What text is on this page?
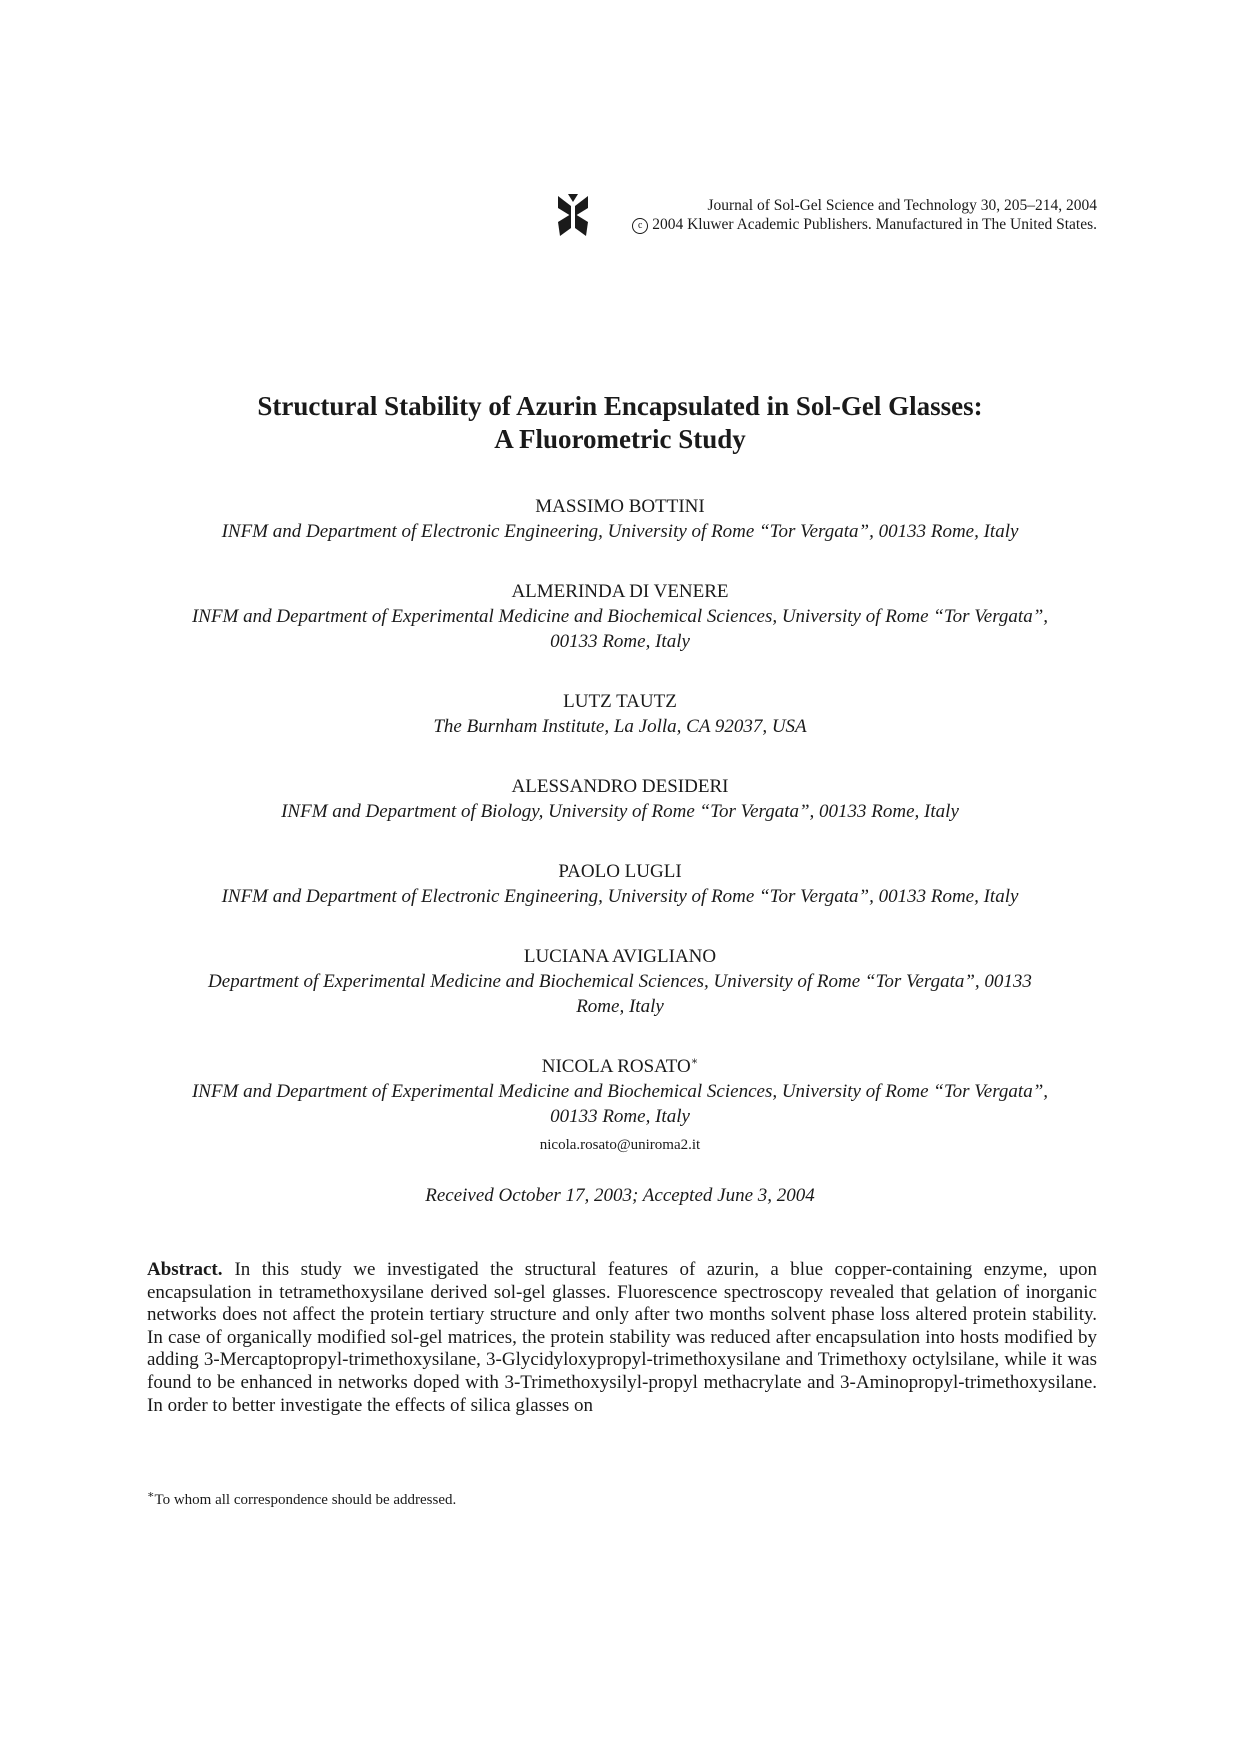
Journal of Sol-Gel Science and Technology 30, 205–214, 2004
c 2004 Kluwer Academic Publishers. Manufactured in The United States.
Structural Stability of Azurin Encapsulated in Sol-Gel Glasses:
A Fluorometric Study
MASSIMO BOTTINI
INFM and Department of Electronic Engineering, University of Rome “Tor Vergata”, 00133 Rome, Italy
ALMERINDA DI VENERE
INFM and Department of Experimental Medicine and Biochemical Sciences, University of Rome “Tor Vergata”,
00133 Rome, Italy
LUTZ TAUTZ
The Burnham Institute, La Jolla, CA 92037, USA
ALESSANDRO DESIDERI
INFM and Department of Biology, University of Rome “Tor Vergata”, 00133 Rome, Italy
PAOLO LUGLI
INFM and Department of Electronic Engineering, University of Rome “Tor Vergata”, 00133 Rome, Italy
LUCIANA AVIGLIANO
Department of Experimental Medicine and Biochemical Sciences, University of Rome “Tor Vergata”, 00133
Rome, Italy
NICOLA ROSATO∗
INFM and Department of Experimental Medicine and Biochemical Sciences, University of Rome “Tor Vergata”,
00133 Rome, Italy
nicola.rosato@uniroma2.it
Received October 17, 2003; Accepted June 3, 2004
Abstract. In this study we investigated the structural features of azurin, a blue copper-containing enzyme, upon encapsulation in tetramethoxysilane derived sol-gel glasses. Fluorescence spectroscopy revealed that gelation of inorganic networks does not affect the protein tertiary structure and only after two months solvent phase loss altered protein stability. In case of organically modified sol-gel matrices, the protein stability was reduced after encapsulation into hosts modified by adding 3-Mercaptopropyl-trimethoxysilane, 3-Glycidyloxypropyl-trimethoxysilane and Trimethoxy octylsilane, while it was found to be enhanced in networks doped with 3-Trimethoxysilyl-propyl methacrylate and 3-Aminopropyl-trimethoxysilane. In order to better investigate the effects of silica glasses on
∗To whom all correspondence should be addressed.
